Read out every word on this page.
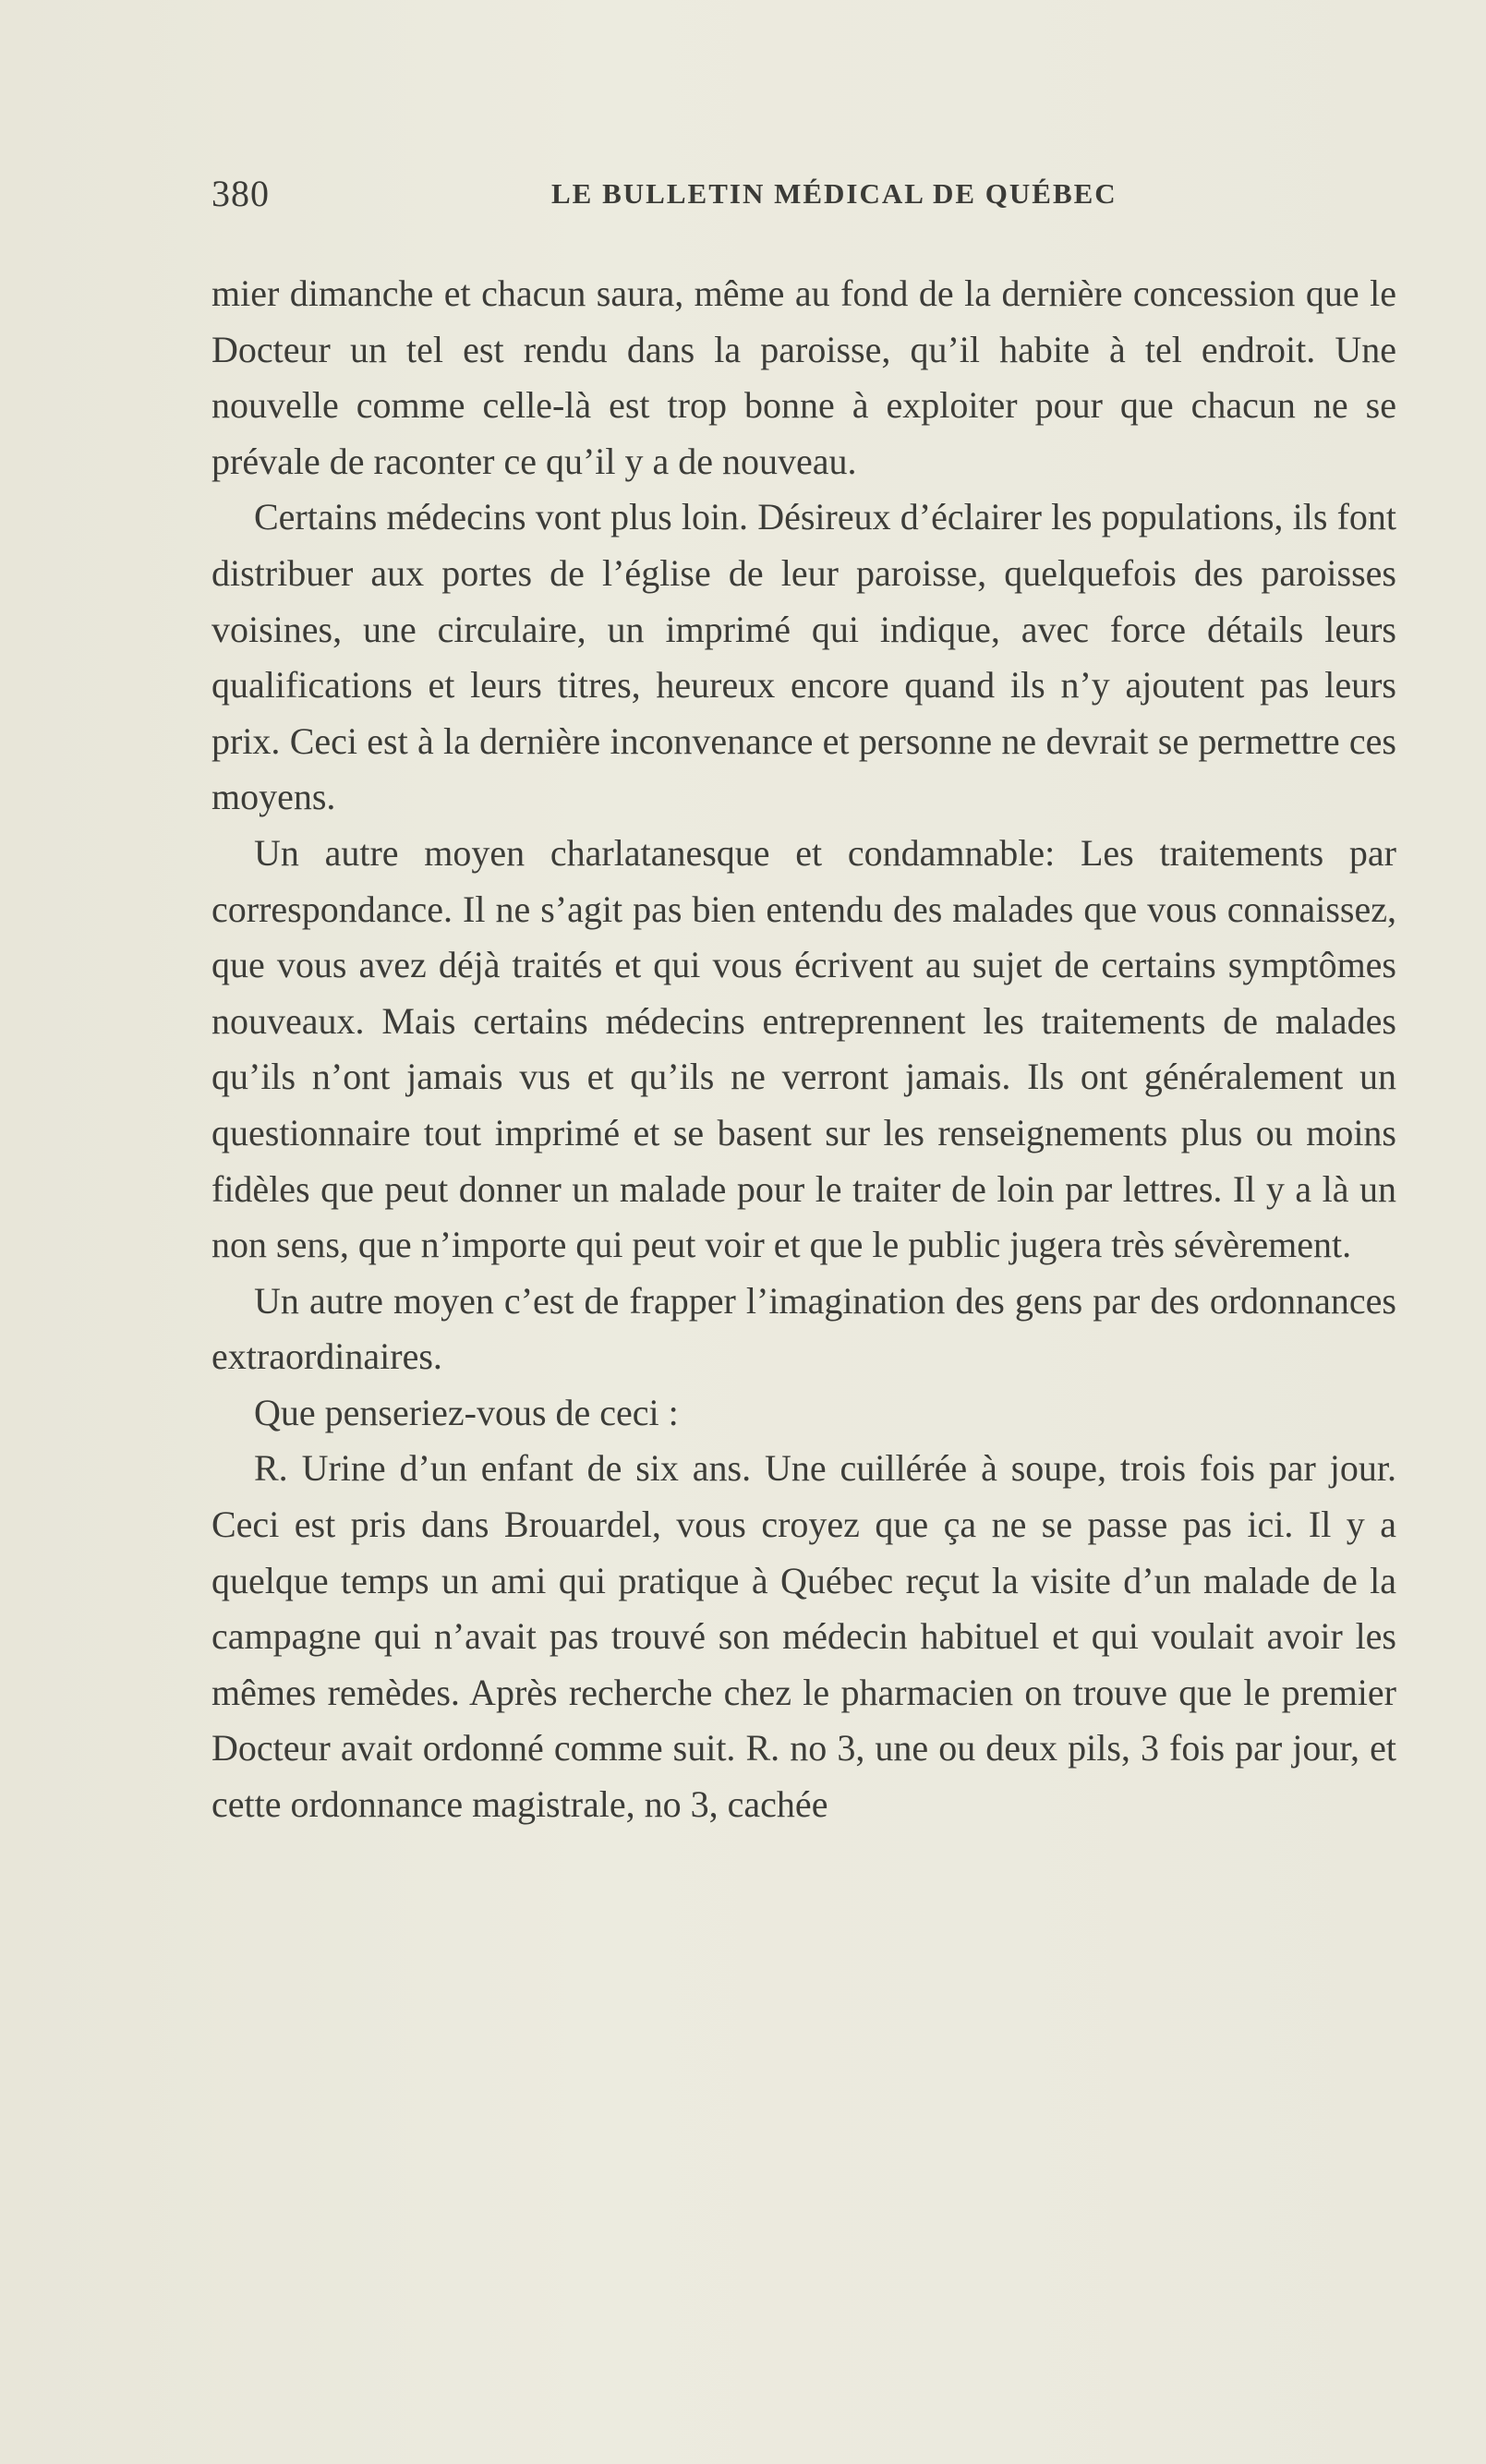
380	LE BULLETIN MÉDICAL DE QUÉBEC

mier dimanche et chacun saura, même au fond de la dernière concession que le Docteur un tel est rendu dans la paroisse, qu’il habite à tel endroit. Une nouvelle comme celle-là est trop bonne à exploiter pour que chacun ne se prévale de raconter ce qu’il y a de nouveau.

Certains médecins vont plus loin. Désireux d’éclairer les populations, ils font distribuer aux portes de l’église de leur paroisse, quelquefois des paroisses voisines, une circulaire, un imprimé qui indique, avec force détails leurs qualifications et leurs titres, heureux encore quand ils n’y ajoutent pas leurs prix. Ceci est à la dernière inconvenance et personne ne devrait se permettre ces moyens.

Un autre moyen charlatanesque et condamnable: Les traitements par correspondance. Il ne s’agit pas bien entendu des malades que vous connaissez, que vous avez déjà traités et qui vous écrivent au sujet de certains symptômes nouveaux. Mais certains médecins entreprennent les traitements de malades qu’ils n’ont jamais vus et qu’ils ne verront jamais. Ils ont généralement un questionnaire tout imprimé et se basent sur les renseignements plus ou moins fidèles que peut donner un malade pour le traiter de loin par lettres. Il y a là un non sens, que n’importe qui peut voir et que le public jugera très sévèrement.

Un autre moyen c’est de frapper l’imagination des gens par des ordonnances extraordinaires.

Que penseriez-vous de ceci :

R. Urine d’un enfant de six ans. Une cuillérée à soupe, trois fois par jour. Ceci est pris dans Brouardel, vous croyez que ça ne se passe pas ici. Il y a quelque temps un ami qui pratique à Québec reçut la visite d’un malade de la campagne qui n’avait pas trouvé son médecin habituel et qui voulait avoir les mêmes remèdes. Après recherche chez le pharmacien on trouve que le premier Docteur avait ordonné comme suit. R. no 3, une ou deux pils, 3 fois par jour, et cette ordonnance magistrale, no 3, cachée
